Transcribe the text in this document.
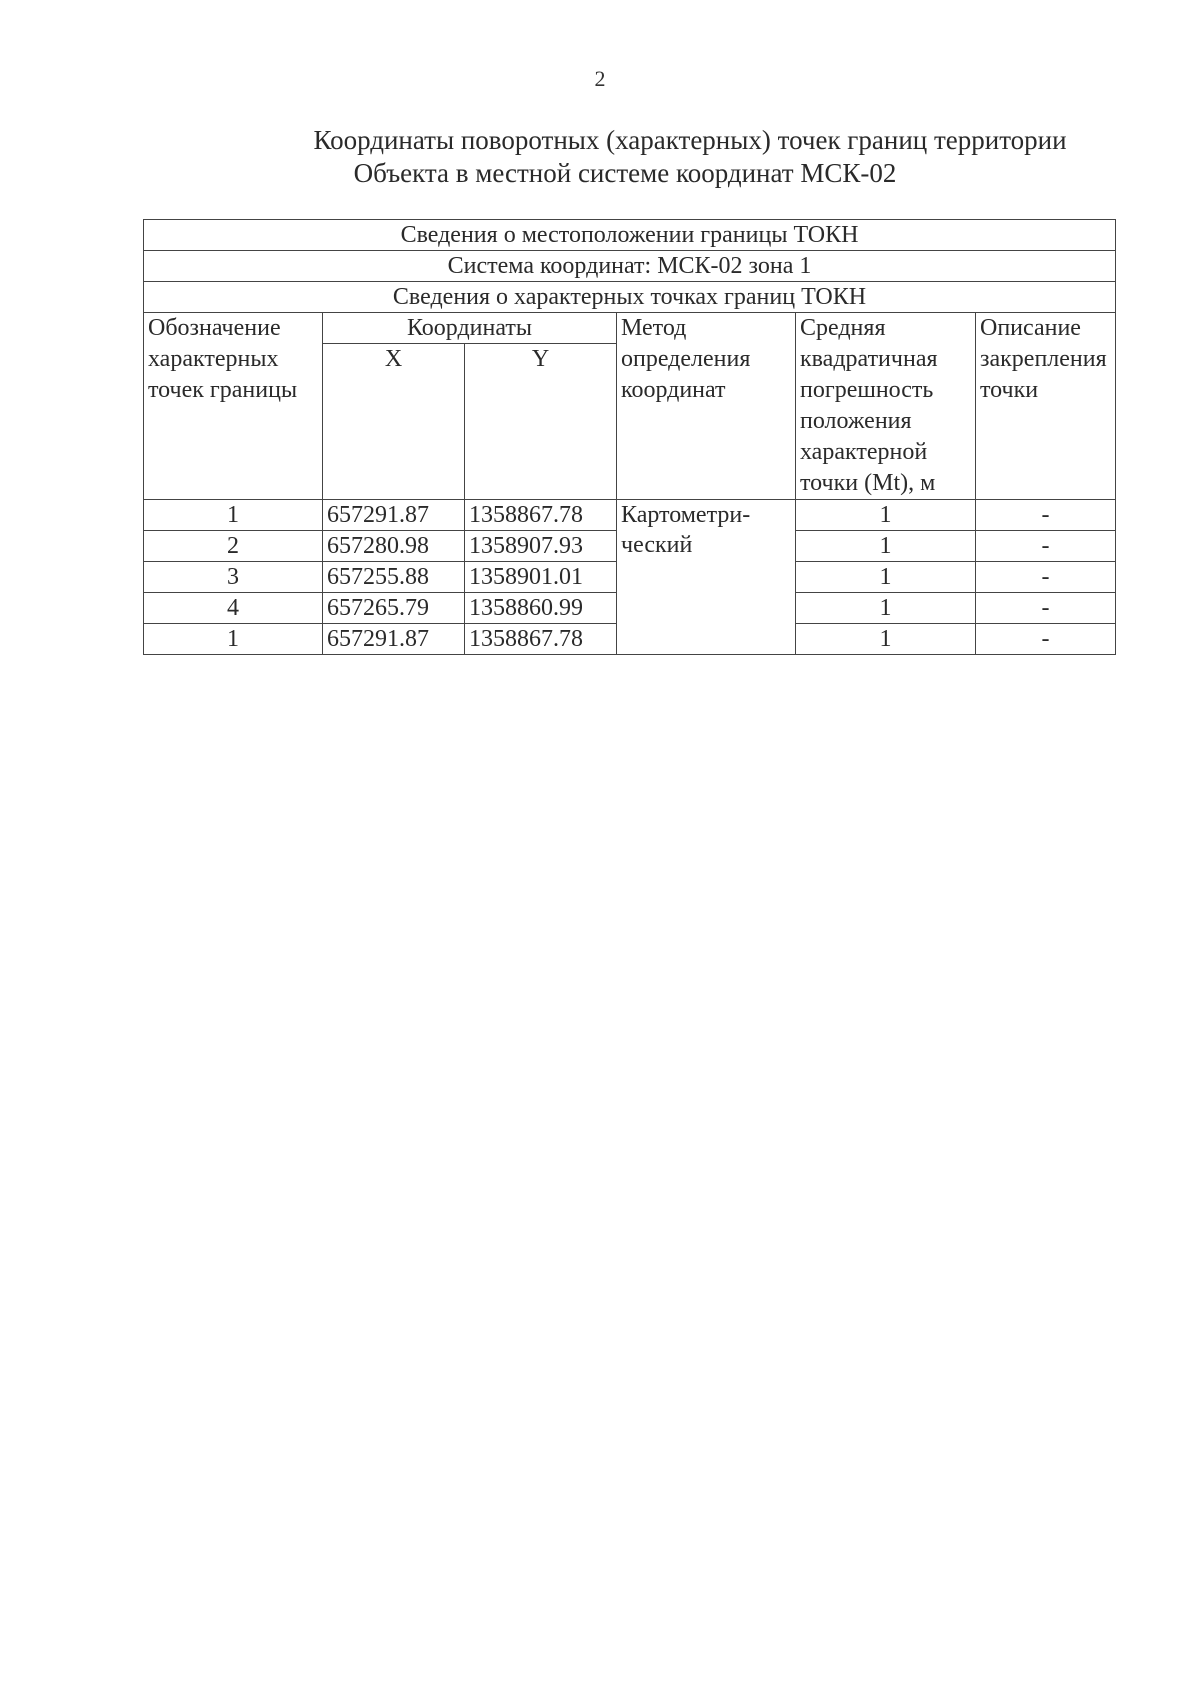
2
Координаты поворотных (характерных) точек границ территории
Объекта в местной системе координат МСК-02
Сведения о местоположении границы ТОКН					
Система координат: МСК-02 зона 1					
Сведения о характерных точках границ ТОКН					
Обозначение характерных точек границы	Координаты		Метод определения координат	Средняя квадратичная погрешность положения характерной точки (Mt), м	Описание закрепления точки
	X	Y			
1	657291.87	1358867.78	Картометри-ческий	1	-
2	657280.98	1358907.93		1	-
3	657255.88	1358901.01		1	-
4	657265.79	1358860.99		1	-
1	657291.87	1358867.78		1	-
